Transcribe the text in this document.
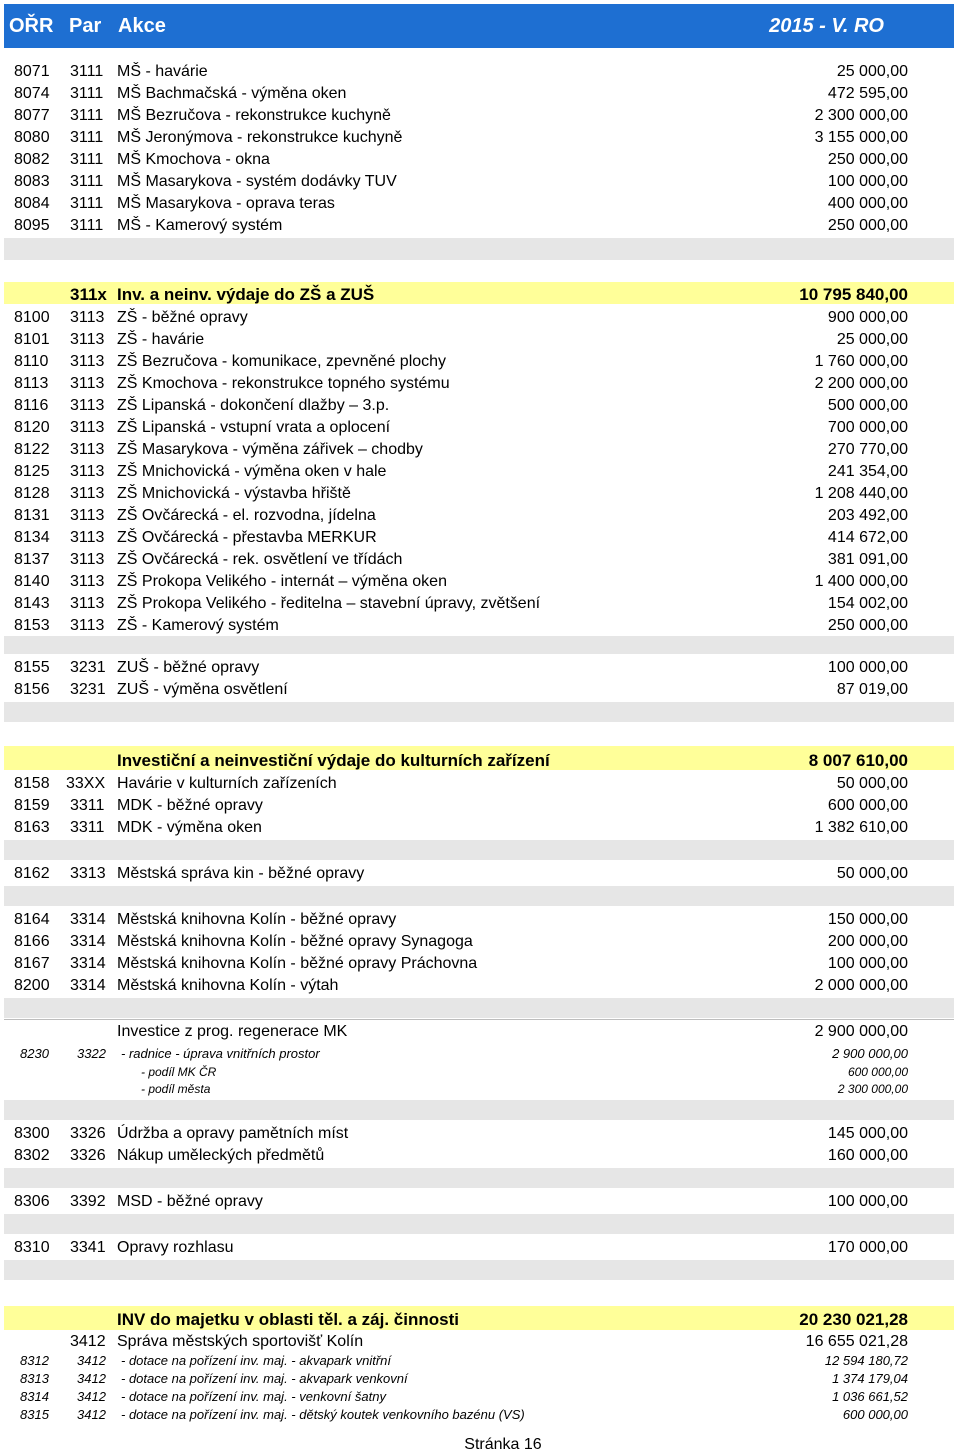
OŘR Par Akce	2015 - V. RO
8071 3111 MŠ - havárie	25 000,00
8074 3111 MŠ Bachmačská - výměna oken	472 595,00
8077 3111 MŠ Bezručova - rekonstrukce kuchyně	2 300 000,00
8080 3111 MŠ Jeronýmova - rekonstrukce kuchyně	3 155 000,00
8082 3111 MŠ Kmochova - okna	250 000,00
8083 3111 MŠ Masarykova - systém dodávky TUV	100 000,00
8084 3111 MŠ Masarykova - oprava teras	400 000,00
8095 3111 MŠ - Kamerový systém	250 000,00
311x Inv. a neinv. výdaje do ZŠ a ZUŠ	10 795 840,00
8100 3113 ZŠ - běžné opravy	900 000,00
8101 3113 ZŠ - havárie	25 000,00
8110 3113 ZŠ Bezručova - komunikace, zpevněné plochy	1 760 000,00
8113 3113 ZŠ Kmochova - rekonstrukce topného systému	2 200 000,00
8116 3113 ZŠ Lipanská - dokončení dlažby – 3.p.	500 000,00
8120 3113 ZŠ Lipanská - vstupní vrata a oplocení	700 000,00
8122 3113 ZŠ Masarykova - výměna zářivek – chodby	270 770,00
8125 3113 ZŠ Mnichovická - výměna oken v hale	241 354,00
8128 3113 ZŠ Mnichovická - výstavba hřiště	1 208 440,00
8131 3113 ZŠ Ovčárecká - el. rozvodna, jídelna	203 492,00
8134 3113 ZŠ Ovčárecká - přestavba MERKUR	414 672,00
8137 3113 ZŠ Ovčárecká - rek. osvětlení ve třídách	381 091,00
8140 3113 ZŠ Prokopa Velikého - internát – výměna oken	1 400 000,00
8143 3113 ZŠ Prokopa Velikého - ředitelna – stavební úpravy, zvětšení	154 002,00
8153 3113 ZŠ - Kamerový systém	250 000,00
8155 3231 ZUŠ - běžné opravy	100 000,00
8156 3231 ZUŠ - výměna osvětlení	87 019,00
Investiční a neinvestiční výdaje do kulturních zařízení	8 007 610,00
8158 33XX Havárie v kulturních zařízeních	50 000,00
8159 3311 MDK - běžné opravy	600 000,00
8163 3311 MDK - výměna oken	1 382 610,00
8162 3313 Městská správa kin - běžné opravy	50 000,00
8164 3314 Městská knihovna Kolín - běžné opravy	150 000,00
8166 3314 Městská knihovna Kolín - běžné opravy Synagoga	200 000,00
8167 3314 Městská knihovna Kolín - běžné opravy Práchovna	100 000,00
8200 3314 Městská knihovna Kolín - výtah	2 000 000,00
Investice z prog. regenerace MK	2 900 000,00
8230 3322 - radnice - úprava vnitřních prostor	2 900 000,00
- podíl MK ČR	600 000,00
- podíl města	2 300 000,00
8300 3326 Údržba a opravy pamětních míst	145 000,00
8302 3326 Nákup uměleckých předmětů	160 000,00
8306 3392 MSD - běžné opravy	100 000,00
8310 3341 Opravy rozhlasu	170 000,00
INV do majetku v oblasti těl. a záj. činnosti	20 230 021,28
3412 Správa městských sportovišť Kolín	16 655 021,28
8312 3412 - dotace na pořízení inv. maj. - akvapark vnitřní	12 594 180,72
8313 3412 - dotace na pořízení inv. maj. - akvapark venkovní	1 374 179,04
8314 3412 - dotace na pořízení inv. maj. - venkovní šatny	1 036 661,52
8315 3412 - dotace na pořízení inv. maj. - dětský koutek venkovního bazénu (VS)	600 000,00
Stránka 16
